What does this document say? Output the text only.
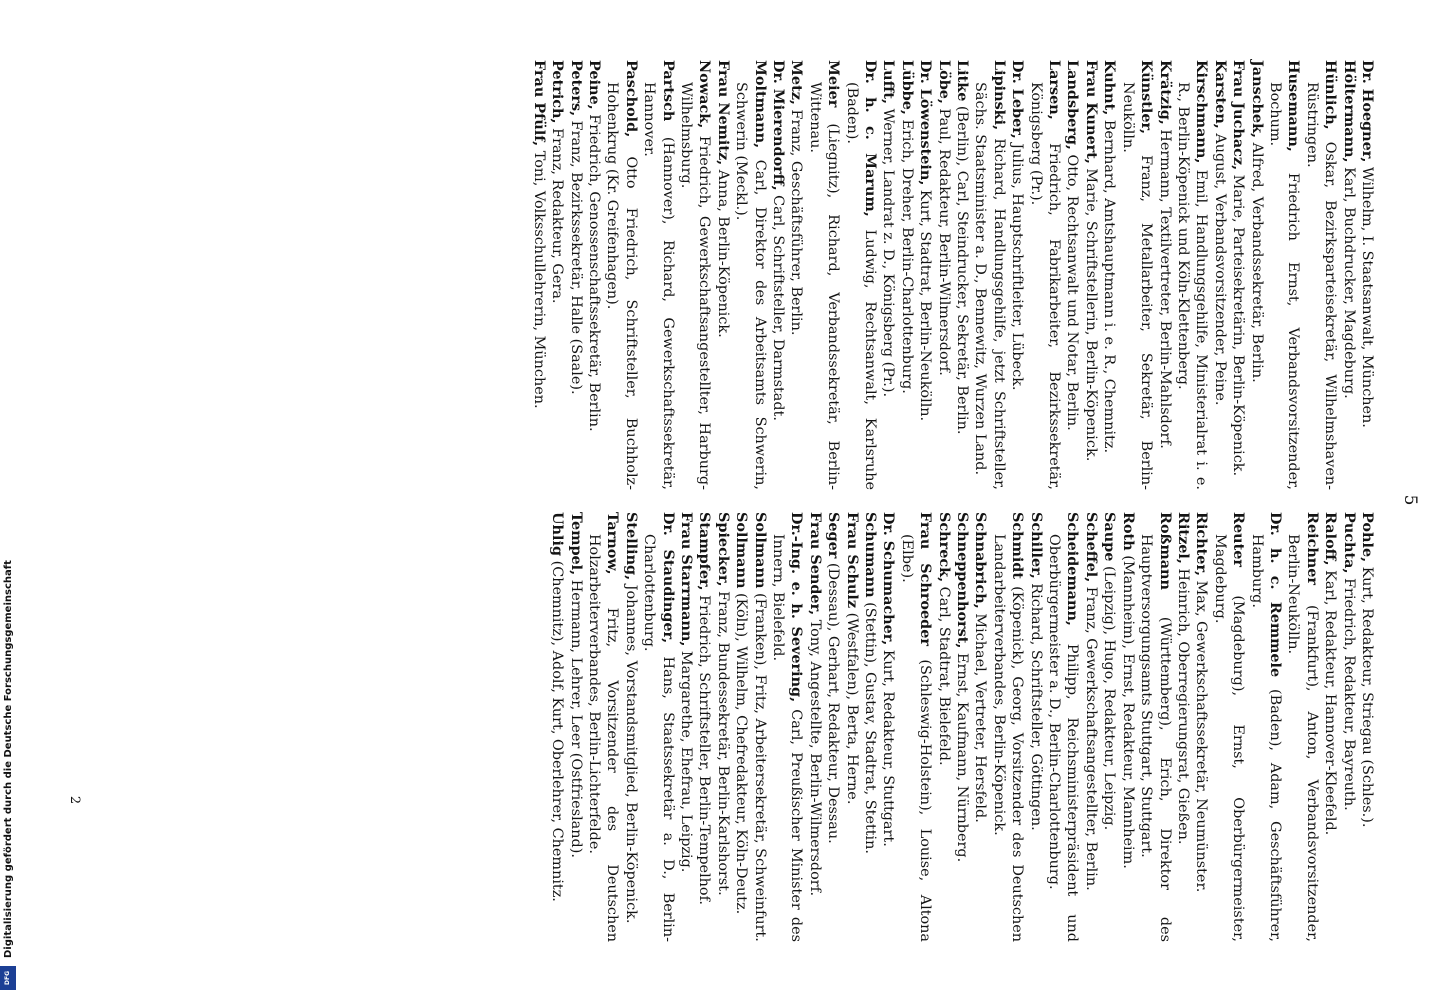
5

Dr. Hoegner, Wilhelm, I. Staatsanwalt, München.

Höltermann, Karl, Buchdrucker, Magdeburg.

Hünlich, Oskar, Bezirksparteisekretär, Wilhelmshaven-Rüstringen.

Husemann, Friedrich Ernst, Verbandsvorsitzender, Bochum.

Janschek, Alfred, Verbandssekretär, Berlin.

Frau Juchacz, Marie, Parteisekretärin, Berlin-Köpenick.

Karsten, August, Verbandsvorsitzender, Peine.

Kirschmann, Emil, Handlungsgehilfe, Ministerialrat i. e. R., Berlin-Köpenick und Köln-Klettenberg.

Krätzig, Hermann, Textilvertreter, Berlin-Mahlsdorf.

Künstler, Franz, Metallarbeiter, Sekretär, Berlin-Neukölln.

Kuhnt, Bernhard, Amtshauptmann i. e. R., Chemnitz.

Frau Kunert, Marie, Schriftstellerin, Berlin-Köpenick.

Landsberg, Otto, Rechtsanwalt und Notar, Berlin.

Larsen, Friedrich, Fabrikarbeiter, Bezirkssekretär, Königsberg (Pr.).

Dr. Leber, Julius, Hauptschriftleiter, Lübeck.

Lipinski, Richard, Handlungsgehilfe, jetzt Schriftsteller, Sächs. Staatsminister a. D., Bennewitz, Wurzen Land.

Litke (Berlin), Carl, Steindrucker, Sekretär, Berlin.

Löbe, Paul, Redakteur, Berlin-Wilmersdorf.

Dr. Löwenstein, Kurt, Stadtrat, Berlin-Neukölln.

Lübbe, Erich, Dreher, Berlin-Charlottenburg.

Lufft, Werner, Landrat z. D., Königsberg (Pr.).

Dr. h. c. Marum, Ludwig, Rechtsanwalt, Karlsruhe (Baden).

Meier (Liegnitz), Richard, Verbandssekretär, Berlin-Wittenau.

Metz, Franz, Geschäftsführer, Berlin.

Dr. Mierendorff, Carl, Schriftsteller, Darmstadt.

Moltmann, Carl, Direktor des Arbeitsamts Schwerin, Schwerin (Meckl.).

Frau Nemitz, Anna, Berlin-Köpenick.

Nowack, Friedrich, Gewerkschaftsangestellter, Harburg-Wilhelmsburg.

Partsch (Hannover), Richard, Gewerkschaftssekretär, Hannover.

Paschold, Otto Friedrich, Schriftsteller, Buchholz-Hohenkrug (Kr. Greifenhagen).

Peine, Friedrich, Genossenschaftssekretär, Berlin.

Peters, Franz, Bezirkssekretär, Halle (Saale).

Petrich, Franz, Redakteur, Gera.

Frau Pfülf, Toni, Volksschullehrerin, München.

Pohle, Kurt, Redakteur, Striegau (Schles.).

Puchta, Friedrich, Redakteur, Bayreuth.

Raloff, Karl, Redakteur, Hannover-Kleefeld.

Reichner (Frankfurt), Anton, Verbandsvorsitzender, Berlin-Neukölln.

Dr. h. c. Remmele (Baden), Adam, Geschäftsführer, Hamburg.

Reuter (Magdeburg), Ernst, Oberbürgermeister, Magdeburg.

Richter, Max, Gewerkschaftssekretär, Neumünster.

Ritzel, Heinrich, Oberregierungsrat, Gießen.

Roßmann (Württemberg), Erich, Direktor des Hauptversorgungsamts Stuttgart, Stuttgart.

Roth (Mannheim), Ernst, Redakteur, Mannheim.

Saupe (Leipzig), Hugo, Redakteur, Leipzig.

Scheffel, Franz, Gewerkschaftsangestellter, Berlin.

Scheidemann, Philipp, Reichsministerpräsident und Oberbürgermeister a. D., Berlin-Charlottenburg.

Schiller, Richard, Schriftsteller, Göttingen.

Schmidt (Köpenick), Georg, Vorsitzender des Deutschen Landarbeiterverbandes, Berlin-Köpenick.

Schnabrich, Michael, Vertreter, Hersfeld.

Schneppenhorst, Ernst, Kaufmann, Nürnberg.

Schreck, Carl, Stadtrat, Bielefeld.

Frau Schroeder (Schleswig-Holstein), Louise, Altona (Elbe).

Dr. Schumacher, Kurt, Redakteur, Stuttgart.

Schumann (Stettin), Gustav, Stadtrat, Stettin.

Frau Schulz (Westfalen), Berta, Herne.

Seger (Dessau), Gerhart, Redakteur, Dessau.

Frau Sender, Tony, Angestellte, Berlin-Wilmersdorf.

Dr.-Ing. e. h. Severing, Carl, Preußischer Minister des Innern, Bielefeld.

Sollmann (Franken), Fritz, Arbeitersekretär, Schweinfurt.

Sollmann (Köln), Wilhelm, Chefredakteur, Köln-Deutz.

Spiecker, Franz, Bundessekretär, Berlin-Karlshorst.

Stampfer, Friedrich, Schriftsteller, Berlin-Tempelhof.

Frau Starrmann, Margarethe, Ehefrau, Leipzig.

Dr. Staudinger, Hans, Staatssekretär a. D., Berlin-Charlottenburg.

Stelling, Johannes, Vorstandsmitglied, Berlin-Köpenick.

Tarnow, Fritz, Vorsitzender des Deutschen Holzarbeiterverbandes, Berlin-Lichterfelde.

Tempel, Hermann, Lehrer, Leer (Ostfriesland).

Uhlig (Chemnitz), Adolf, Kurt, Oberlehrer, Chemnitz.

2
DFG
Digitalisierung gefördert durch die Deutsche Forschungsgemeinschaft
